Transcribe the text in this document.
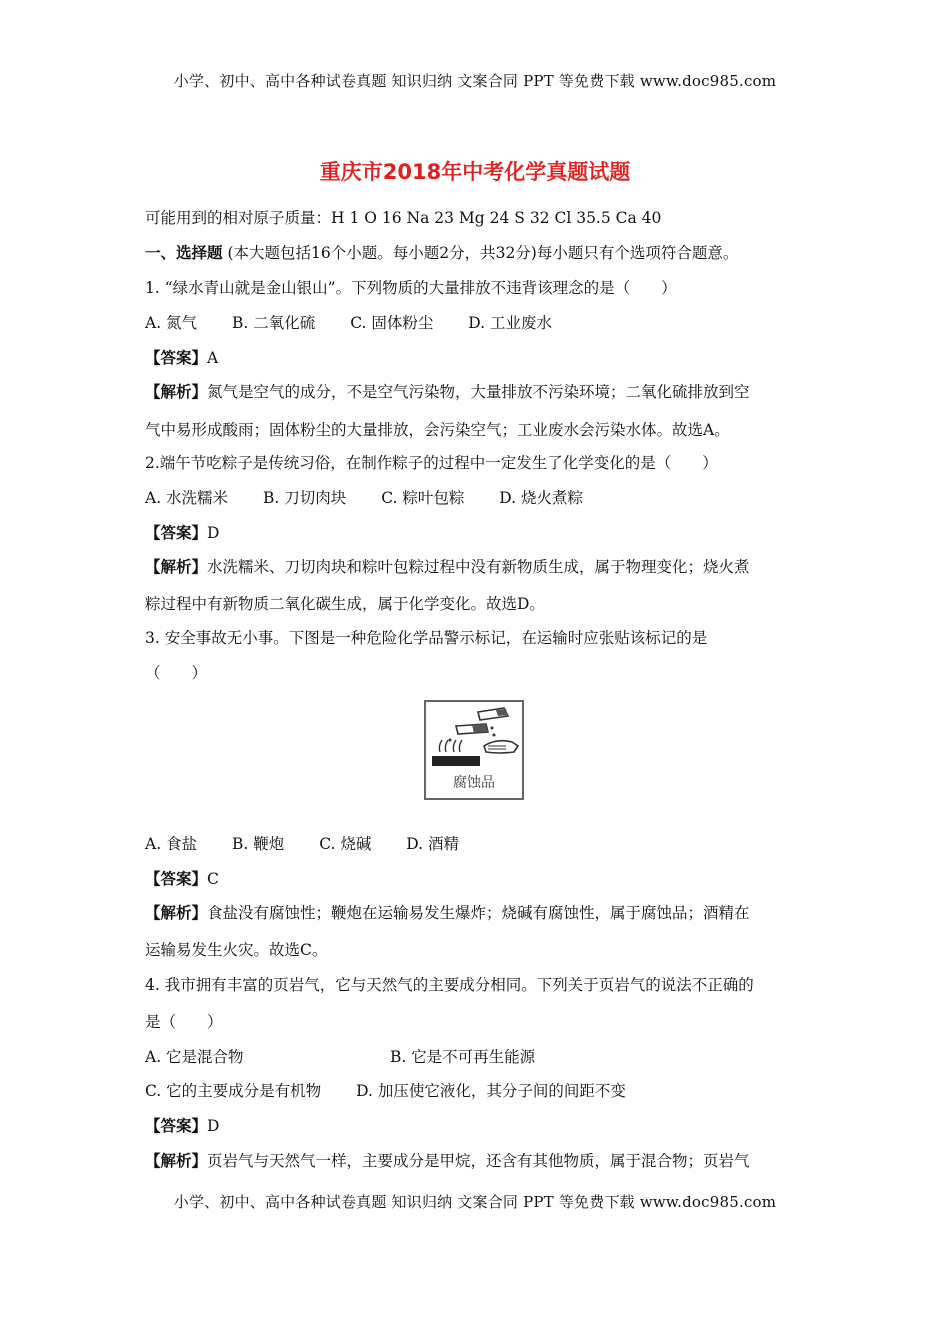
小学、初中、高中各种试卷真题 知识归纳 文案合同 PPT 等免费下载 www.doc985.com
重庆市2018年中考化学真题试题
可能用到的相对原子质量：H 1 O 16 Na 23 Mg 24 S 32 Cl 35.5 Ca 40
一、选择题 (本大题包括16个小题。每小题2分，共32分)每小题只有个选项符合题意。
1. “绿水青山就是金山银山”。下列物质的大量排放不违背该理念的是（　　）
A. 氮气 B. 二氧化硫 C. 固体粉尘 D. 工业废水
【答案】A
【解析】氮气是空气的成分，不是空气污染物，大量排放不污染环境；二氧化硫排放到空
气中易形成酸雨；固体粉尘的大量排放，会污染空气；工业废水会污染水体。故选A。
2.端午节吃粽子是传统习俗，在制作粽子的过程中一定发生了化学变化的是（　　）
A. 水洗糯米 B. 刀切肉块 C. 粽叶包粽 D. 烧火煮粽
【答案】D
【解析】水洗糯米、刀切肉块和粽叶包粽过程中没有新物质生成，属于物理变化；烧火煮
粽过程中有新物质二氧化碳生成，属于化学变化。故选D。
3. 安全事故无小事。下图是一种危险化学品警示标记，在运输时应张贴该标记的是
（　　）
腐蚀品
A. 食盐 B. 鞭炮 C. 烧碱 D. 酒精
【答案】C
【解析】食盐没有腐蚀性；鞭炮在运输易发生爆炸；烧碱有腐蚀性，属于腐蚀品；酒精在
运输易发生火灾。故选C。
4. 我市拥有丰富的页岩气，它与天然气的主要成分相同。下列关于页岩气的说法不正确的
是（　　）
A. 它是混合物	B. 它是不可再生能源
C. 它的主要成分是有机物 D. 加压使它液化，其分子间的间距不变
【答案】D
【解析】页岩气与天然气一样，主要成分是甲烷，还含有其他物质，属于混合物；页岩气
小学、初中、高中各种试卷真题 知识归纳 文案合同 PPT 等免费下载 www.doc985.com
